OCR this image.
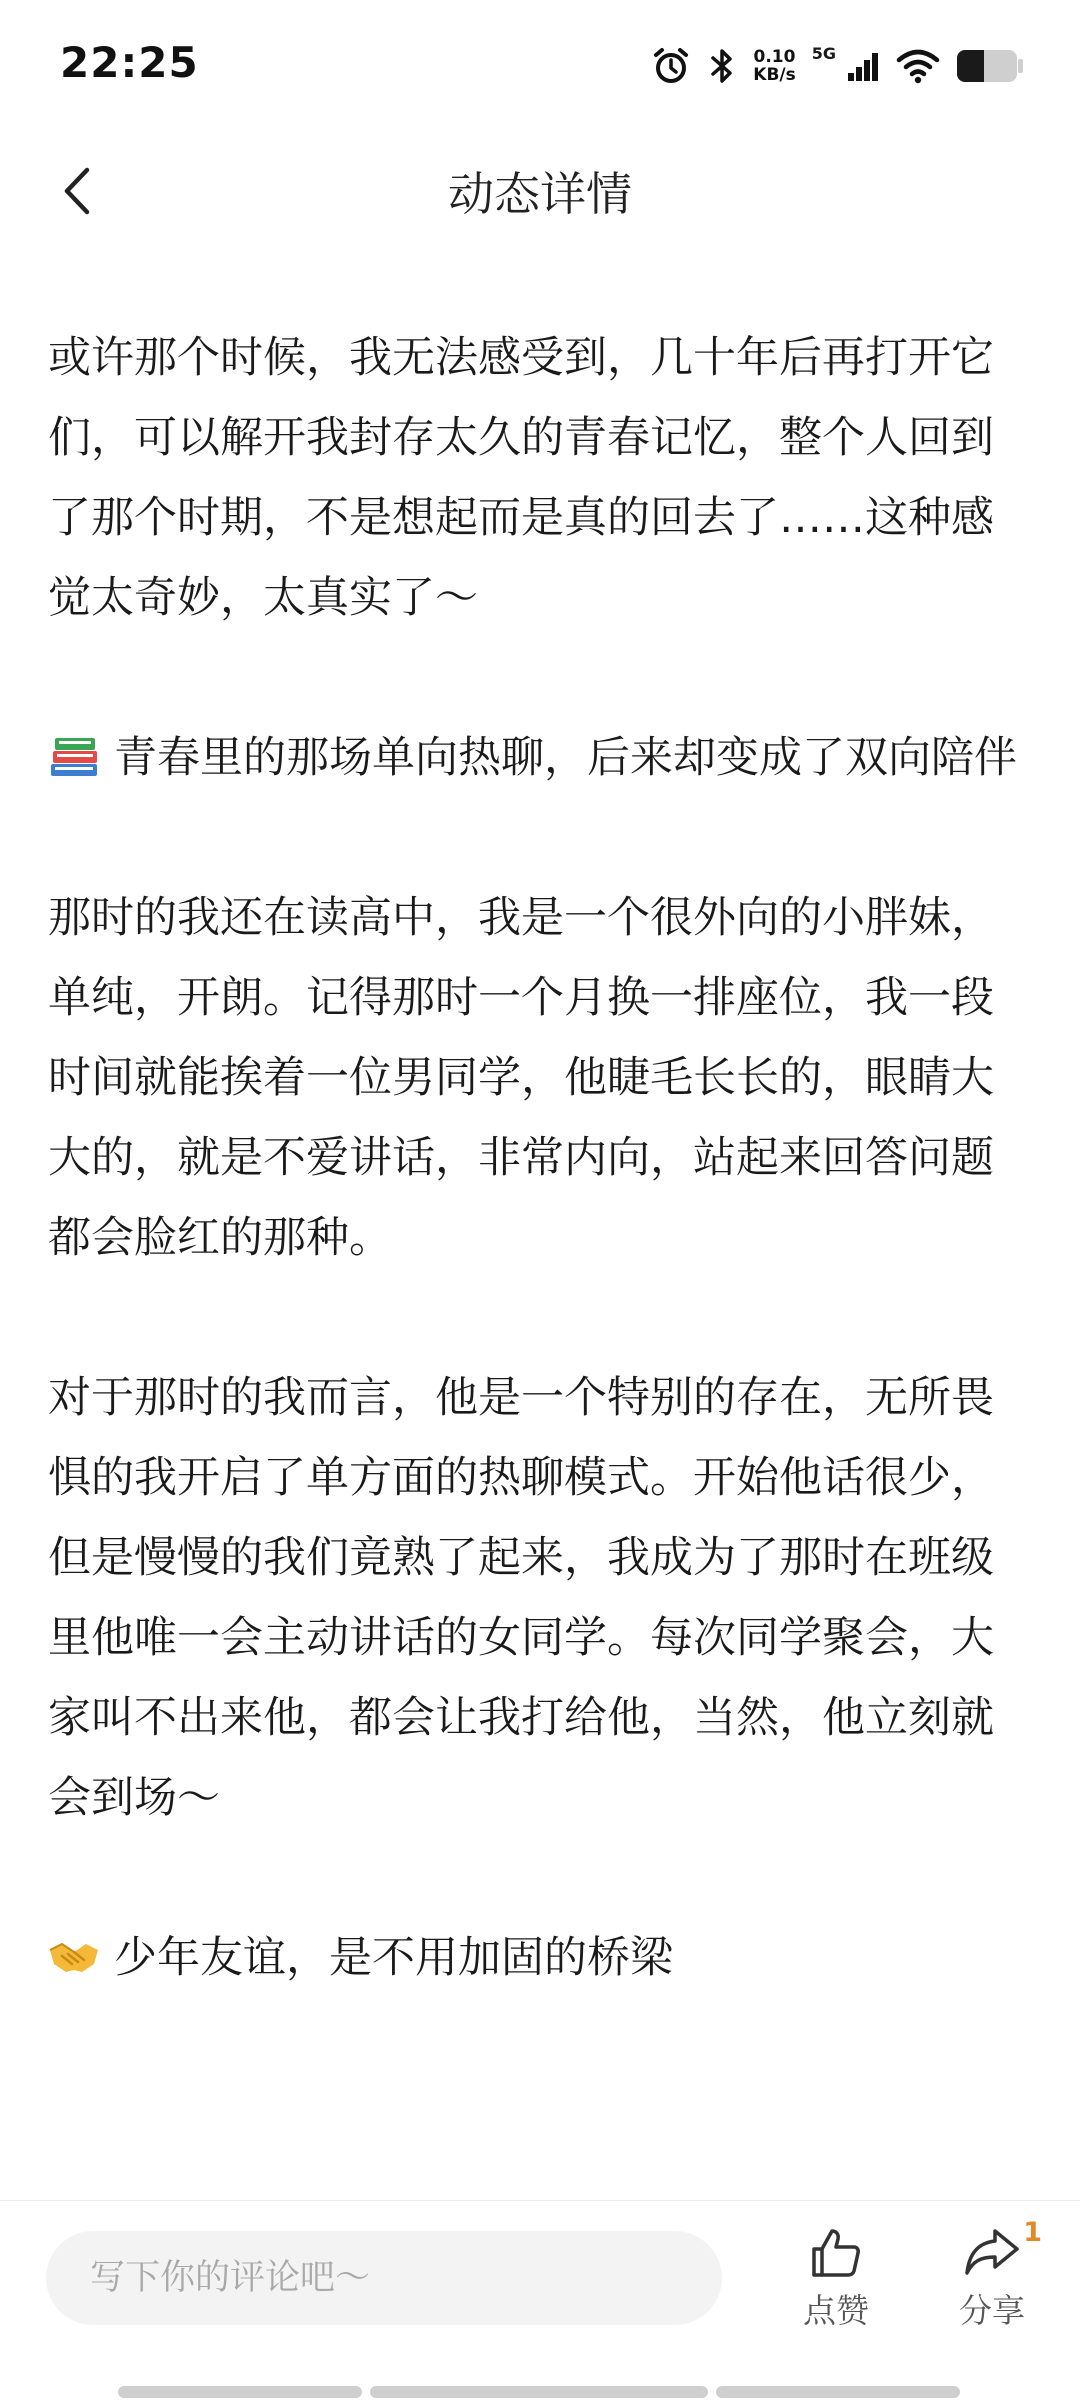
22:25	0.10
KB/s
5G
动态详情

或许那个时候，我无法感受到，几十年后再打开它们，可以解开我封存太久的青春记忆，整个人回到了那个时期，不是想起而是真的回去了……这种感觉太奇妙，太真实了～

青春里的那场单向热聊，后来却变成了双向陪伴

那时的我还在读高中，我是一个很外向的小胖妹，单纯，开朗。记得那时一个月换一排座位，我一段时间就能挨着一位男同学，他睫毛长长的，眼睛大大的，就是不爱讲话，非常内向，站起来回答问题都会脸红的那种。

对于那时的我而言，他是一个特别的存在，无所畏惧的我开启了单方面的热聊模式。开始他话很少，但是慢慢的我们竟熟了起来，我成为了那时在班级里他唯一会主动讲话的女同学。每次同学聚会，大家叫不出来他，都会让我打给他，当然，他立刻就会到场～

少年友谊，是不用加固的桥梁

写下你的评论吧～
点赞
1
分享
